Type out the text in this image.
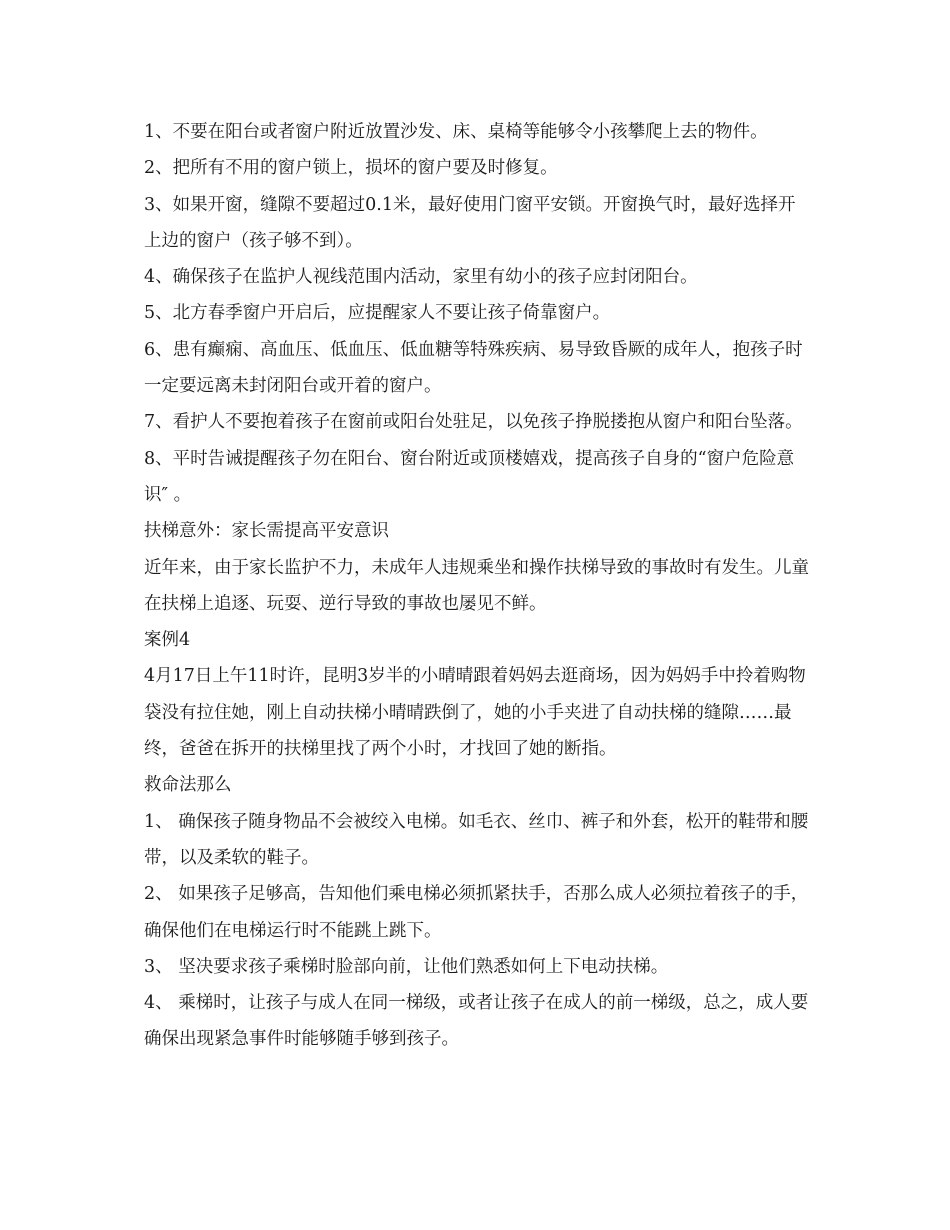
1、不要在阳台或者窗户附近放置沙发、床、桌椅等能够令小孩攀爬上去的物件。

2、把所有不用的窗户锁上，损坏的窗户要及时修复。

3、如果开窗，缝隙不要超过0.1米，最好使用门窗平安锁。开窗换气时，最好选择开上边的窗户（孩子够不到）。

4、确保孩子在监护人视线范围内活动，家里有幼小的孩子应封闭阳台。

5、北方春季窗户开启后，应提醒家人不要让孩子倚靠窗户。

6、患有癫痫、高血压、低血压、低血糖等特殊疾病、易导致昏厥的成年人，抱孩子时一定要远离未封闭阳台或开着的窗户。

7、看护人不要抱着孩子在窗前或阳台处驻足，以免孩子挣脱搂抱从窗户和阳台坠落。

8、平时告诫提醒孩子勿在阳台、窗台附近或顶楼嬉戏，提高孩子自身的“窗户危险意识″ 。

扶梯意外：家长需提高平安意识

近年来，由于家长监护不力，未成年人违规乘坐和操作扶梯导致的事故时有发生。儿童在扶梯上追逐、玩耍、逆行导致的事故也屡见不鲜。

案例4

4月17日上午11时许，昆明3岁半的小晴晴跟着妈妈去逛商场，因为妈妈手中拎着购物袋没有拉住她，刚上自动扶梯小晴晴跌倒了，她的小手夹进了自动扶梯的缝隙……最终，爸爸在拆开的扶梯里找了两个小时，才找回了她的断指。

救命法那么

1、 确保孩子随身物品不会被绞入电梯。如毛衣、丝巾、裤子和外套，松开的鞋带和腰带，以及柔软的鞋子。

2、 如果孩子足够高，告知他们乘电梯必须抓紧扶手，否那么成人必须拉着孩子的手，确保他们在电梯运行时不能跳上跳下。

3、 坚决要求孩子乘梯时脸部向前，让他们熟悉如何上下电动扶梯。

4、 乘梯时，让孩子与成人在同一梯级，或者让孩子在成人的前一梯级，总之，成人要确保出现紧急事件时能够随手够到孩子。
